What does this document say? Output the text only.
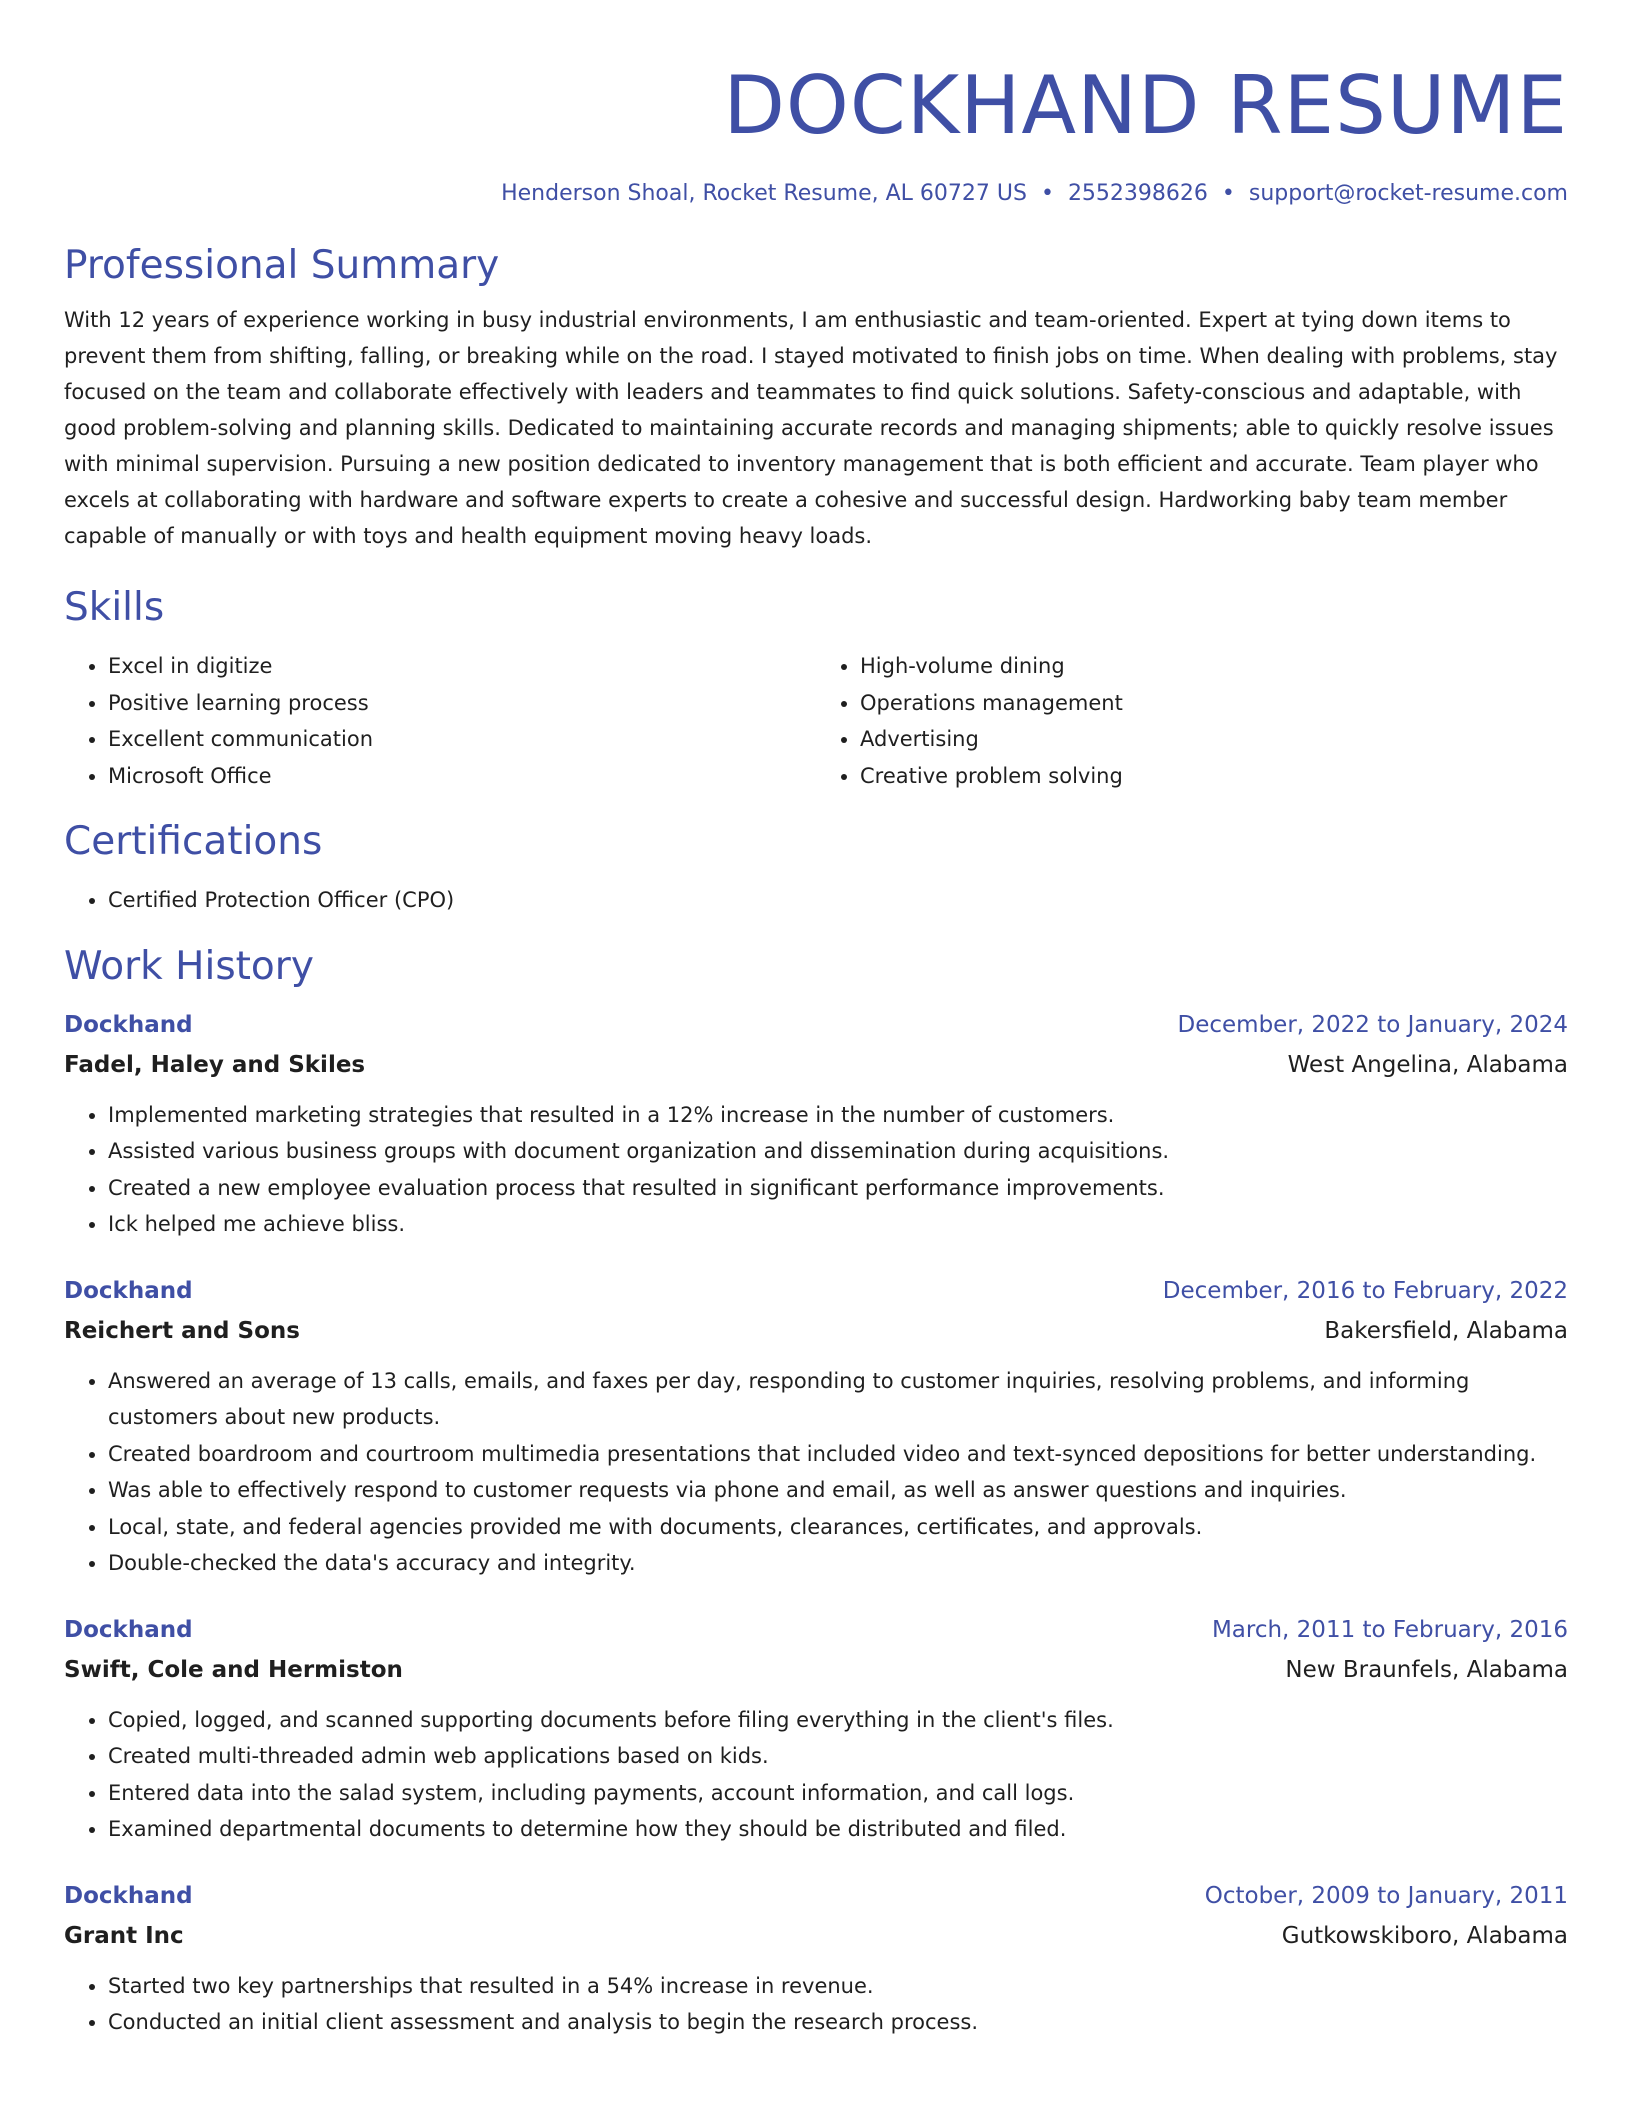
DOCKHAND RESUME
Henderson Shoal, Rocket Resume, AL 60727 US • 2552398626 • support@rocket-resume.com
Professional Summary

With 12 years of experience working in busy industrial environments, I am enthusiastic and team-oriented. Expert at tying down items to prevent them from shifting, falling, or breaking while on the road. I stayed motivated to finish jobs on time. When dealing with problems, stay focused on the team and collaborate effectively with leaders and teammates to find quick solutions. Safety-conscious and adaptable, with good problem-solving and planning skills. Dedicated to maintaining accurate records and managing shipments; able to quickly resolve issues with minimal supervision. Pursuing a new position dedicated to inventory management that is both efficient and accurate. Team player who excels at collaborating with hardware and software experts to create a cohesive and successful design. Hardworking baby team member capable of manually or with toys and health equipment moving heavy loads.

Skills
• Excel in digitize
• Positive learning process
• Excellent communication
• Microsoft Office
• High-volume dining
• Operations management
• Advertising
• Creative problem solving
Certifications
• Certified Protection Officer (CPO)
Work History
Dockhand	December, 2022 to January, 2024
Fadel, Haley and Skiles	West Angelina, Alabama
• Implemented marketing strategies that resulted in a 12% increase in the number of customers.
• Assisted various business groups with document organization and dissemination during acquisitions.
• Created a new employee evaluation process that resulted in significant performance improvements.
• Ick helped me achieve bliss.
Dockhand	December, 2016 to February, 2022
Reichert and Sons	Bakersfield, Alabama
• Answered an average of 13 calls, emails, and faxes per day, responding to customer inquiries, resolving problems, and informing customers about new products.
• Created boardroom and courtroom multimedia presentations that included video and text-synced depositions for better understanding.
• Was able to effectively respond to customer requests via phone and email, as well as answer questions and inquiries.
• Local, state, and federal agencies provided me with documents, clearances, certificates, and approvals.
• Double-checked the data's accuracy and integrity.
Dockhand	March, 2011 to February, 2016
Swift, Cole and Hermiston	New Braunfels, Alabama
• Copied, logged, and scanned supporting documents before filing everything in the client's files.
• Created multi-threaded admin web applications based on kids.
• Entered data into the salad system, including payments, account information, and call logs.
• Examined departmental documents to determine how they should be distributed and filed.
Dockhand	October, 2009 to January, 2011
Grant Inc	Gutkowskiboro, Alabama
• Started two key partnerships that resulted in a 54% increase in revenue.
• Conducted an initial client assessment and analysis to begin the research process.
